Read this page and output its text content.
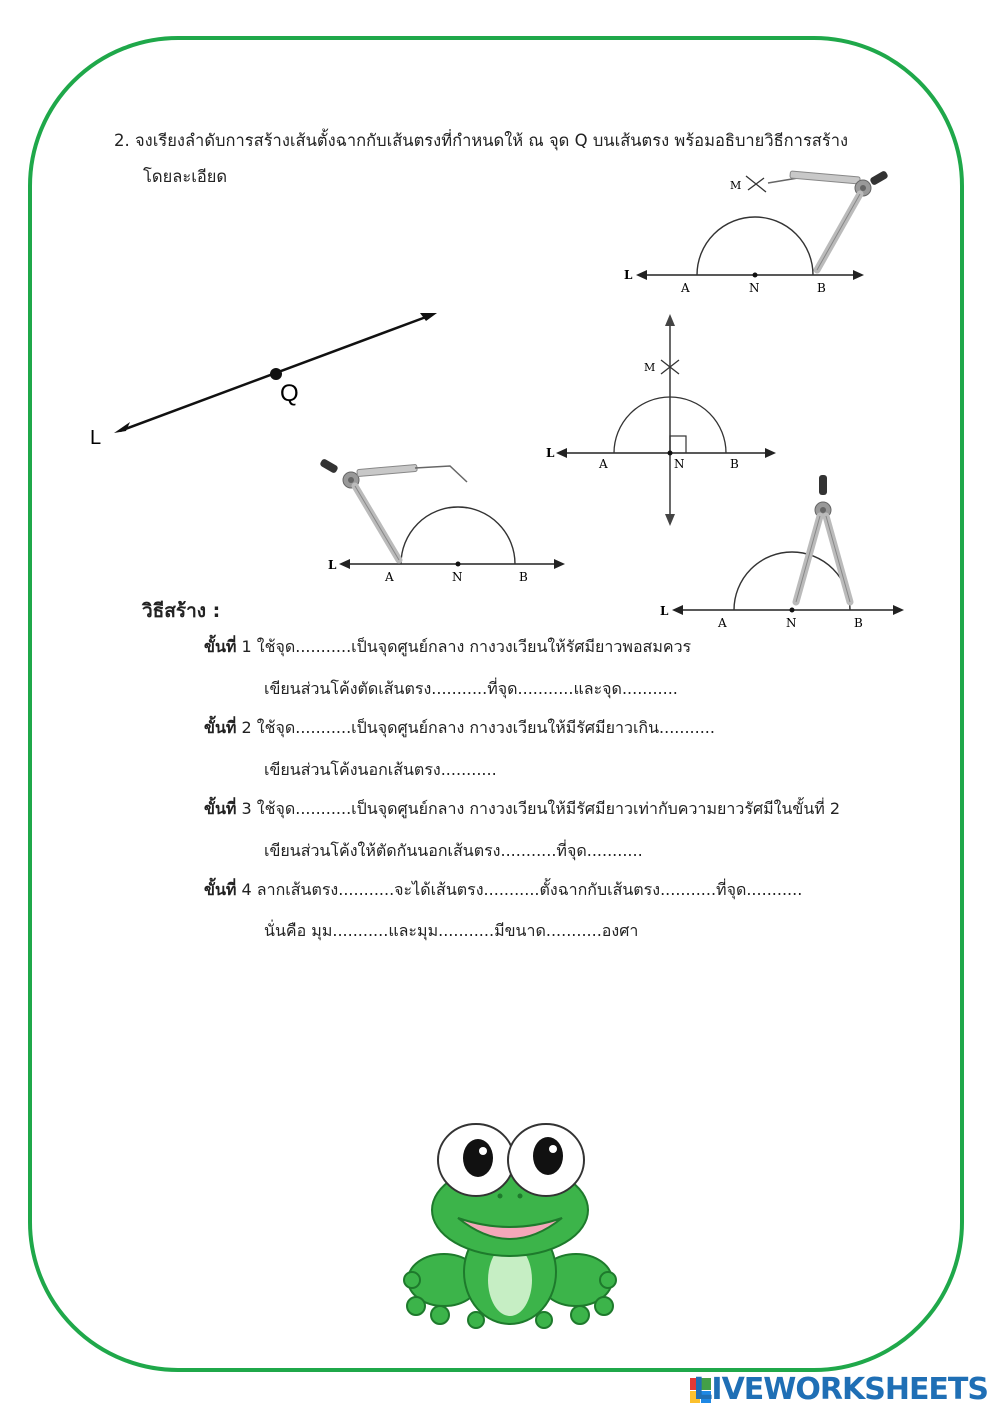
2. จงเรียงลำดับการสร้างเส้นตั้งฉากกับเส้นตรงที่กำหนดให้ ณ จุด Q บนเส้นตรง พร้อมอธิบายวิธีการสร้าง
โดยละเอียด
Q
L
L
A	N	B
M
L
A	N	B
M
L
A	N	B
L
A	N	B
วิธีสร้าง :
ขั้นที่ 1 ใช้จุด...........เป็นจุดศูนย์กลาง กางวงเวียนให้รัศมียาวพอสมควร
เขียนส่วนโค้งตัดเส้นตรง...........ที่จุด...........และจุด...........
ขั้นที่ 2 ใช้จุด...........เป็นจุดศูนย์กลาง กางวงเวียนให้มีรัศมียาวเกิน...........
เขียนส่วนโค้งนอกเส้นตรง...........
ขั้นที่ 3 ใช้จุด...........เป็นจุดศูนย์กลาง กางวงเวียนให้มีรัศมียาวเท่ากับความยาวรัศมีในขั้นที่ 2
เขียนส่วนโค้งให้ตัดกันนอกเส้นตรง...........ที่จุด...........
ขั้นที่ 4 ลากเส้นตรง...........จะได้เส้นตรง...........ตั้งฉากกับเส้นตรง...........ที่จุด...........
นั่นคือ มุม...........และมุม...........มีขนาด...........องศา
LIVEWORKSHEETS
